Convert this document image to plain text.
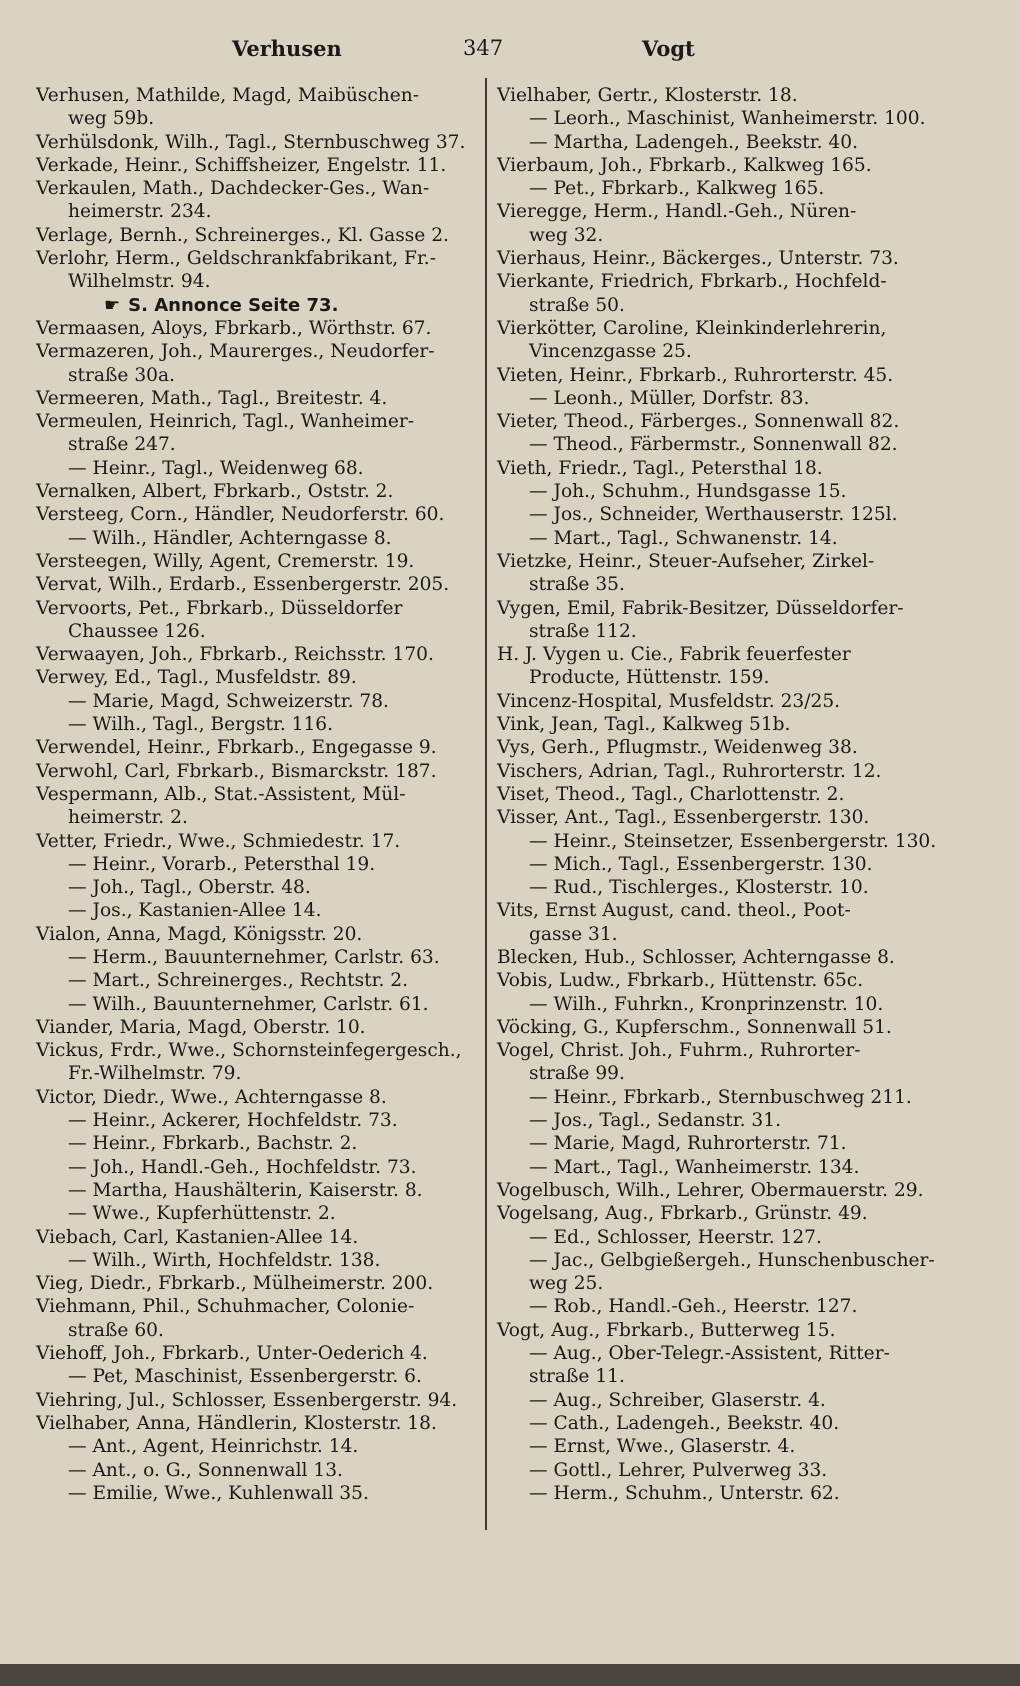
Verhusen	347	Vogt
Verhusen, Mathilde, Magd, Maibüschen-
weg 59b.
Verhülsdonk, Wilh., Tagl., Sternbuschweg 37.
Verkade, Heinr., Schiffsheizer, Engelstr. 11.
Verkaulen, Math., Dachdecker-Ges., Wan-
heimerstr. 234.
Verlage, Bernh., Schreinerges., Kl. Gasse 2.
Verlohr, Herm., Geldschrankfabrikant, Fr.-
Wilhelmstr. 94.
☛ S. Annonce Seite 73.
Vermaasen, Aloys, Fbrkarb., Wörthstr. 67.
Vermazeren, Joh., Maurerges., Neudorfer-
straße 30a.
Vermeeren, Math., Tagl., Breitestr. 4.
Vermeulen, Heinrich, Tagl., Wanheimer-
straße 247.
— Heinr., Tagl., Weidenweg 68.
Vernalken, Albert, Fbrkarb., Oststr. 2.
Versteeg, Corn., Händler, Neudorferstr. 60.
— Wilh., Händler, Achterngasse 8.
Versteegen, Willy, Agent, Cremerstr. 19.
Vervat, Wilh., Erdarb., Essenbergerstr. 205.
Vervoorts, Pet., Fbrkarb., Düsseldorfer
Chaussee 126.
Verwaayen, Joh., Fbrkarb., Reichsstr. 170.
Verwey, Ed., Tagl., Musfeldstr. 89.
— Marie, Magd, Schweizerstr. 78.
— Wilh., Tagl., Bergstr. 116.
Verwendel, Heinr., Fbrkarb., Engegasse 9.
Verwohl, Carl, Fbrkarb., Bismarckstr. 187.
Vespermann, Alb., Stat.-Assistent, Mül-
heimerstr. 2.
Vetter, Friedr., Wwe., Schmiedestr. 17.
— Heinr., Vorarb., Petersthal 19.
— Joh., Tagl., Oberstr. 48.
— Jos., Kastanien-Allee 14.
Vialon, Anna, Magd, Königsstr. 20.
— Herm., Bauunternehmer, Carlstr. 63.
— Mart., Schreinerges., Rechtstr. 2.
— Wilh., Bauunternehmer, Carlstr. 61.
Viander, Maria, Magd, Oberstr. 10.
Vickus, Frdr., Wwe., Schornsteinfegergesch.,
Fr.-Wilhelmstr. 79.
Victor, Diedr., Wwe., Achterngasse 8.
— Heinr., Ackerer, Hochfeldstr. 73.
— Heinr., Fbrkarb., Bachstr. 2.
— Joh., Handl.-Geh., Hochfeldstr. 73.
— Martha, Haushälterin, Kaiserstr. 8.
— Wwe., Kupferhüttenstr. 2.
Viebach, Carl, Kastanien-Allee 14.
— Wilh., Wirth, Hochfeldstr. 138.
Vieg, Diedr., Fbrkarb., Mülheimerstr. 200.
Viehmann, Phil., Schuhmacher, Colonie-
straße 60.
Viehoff, Joh., Fbrkarb., Unter-Oederich 4.
— Pet, Maschinist, Essenbergerstr. 6.
Viehring, Jul., Schlosser, Essenbergerstr. 94.
Vielhaber, Anna, Händlerin, Klosterstr. 18.
— Ant., Agent, Heinrichstr. 14.
— Ant., o. G., Sonnenwall 13.
— Emilie, Wwe., Kuhlenwall 35.
Vielhaber, Gertr., Klosterstr. 18.
— Leorh., Maschinist, Wanheimerstr. 100.
— Martha, Ladengeh., Beekstr. 40.
Vierbaum, Joh., Fbrkarb., Kalkweg 165.
— Pet., Fbrkarb., Kalkweg 165.
Vieregge, Herm., Handl.-Geh., Nüren-
weg 32.
Vierhaus, Heinr., Bäckerges., Unterstr. 73.
Vierkante, Friedrich, Fbrkarb., Hochfeld-
straße 50.
Vierkötter, Caroline, Kleinkinderlehrerin,
Vincenzgasse 25.
Vieten, Heinr., Fbrkarb., Ruhrorterstr. 45.
— Leonh., Müller, Dorfstr. 83.
Vieter, Theod., Färberges., Sonnenwall 82.
— Theod., Färbermstr., Sonnenwall 82.
Vieth, Friedr., Tagl., Petersthal 18.
— Joh., Schuhm., Hundsgasse 15.
— Jos., Schneider, Werthauserstr. 125l.
— Mart., Tagl., Schwanenstr. 14.
Vietzke, Heinr., Steuer-Aufseher, Zirkel-
straße 35.
Vygen, Emil, Fabrik-Besitzer, Düsseldorfer-
straße 112.
H. J. Vygen u. Cie., Fabrik feuerfester
Producte, Hüttenstr. 159.
Vincenz-Hospital, Musfeldstr. 23/25.
Vink, Jean, Tagl., Kalkweg 51b.
Vys, Gerh., Pflugmstr., Weidenweg 38.
Vischers, Adrian, Tagl., Ruhrorterstr. 12.
Viset, Theod., Tagl., Charlottenstr. 2.
Visser, Ant., Tagl., Essenbergerstr. 130.
— Heinr., Steinsetzer, Essenbergerstr. 130.
— Mich., Tagl., Essenbergerstr. 130.
— Rud., Tischlerges., Klosterstr. 10.
Vits, Ernst August, cand. theol., Poot-
gasse 31.
Blecken, Hub., Schlosser, Achterngasse 8.
Vobis, Ludw., Fbrkarb., Hüttenstr. 65c.
— Wilh., Fuhrkn., Kronprinzenstr. 10.
Vöcking, G., Kupferschm., Sonnenwall 51.
Vogel, Christ. Joh., Fuhrm., Ruhrorter-
straße 99.
— Heinr., Fbrkarb., Sternbuschweg 211.
— Jos., Tagl., Sedanstr. 31.
— Marie, Magd, Ruhrorterstr. 71.
— Mart., Tagl., Wanheimerstr. 134.
Vogelbusch, Wilh., Lehrer, Obermauerstr. 29.
Vogelsang, Aug., Fbrkarb., Grünstr. 49.
— Ed., Schlosser, Heerstr. 127.
— Jac., Gelbgießergeh., Hunschenbuscher-
weg 25.
— Rob., Handl.-Geh., Heerstr. 127.
Vogt, Aug., Fbrkarb., Butterweg 15.
— Aug., Ober-Telegr.-Assistent, Ritter-
straße 11.
— Aug., Schreiber, Glaserstr. 4.
— Cath., Ladengeh., Beekstr. 40.
— Ernst, Wwe., Glaserstr. 4.
— Gottl., Lehrer, Pulverweg 33.
— Herm., Schuhm., Unterstr. 62.
